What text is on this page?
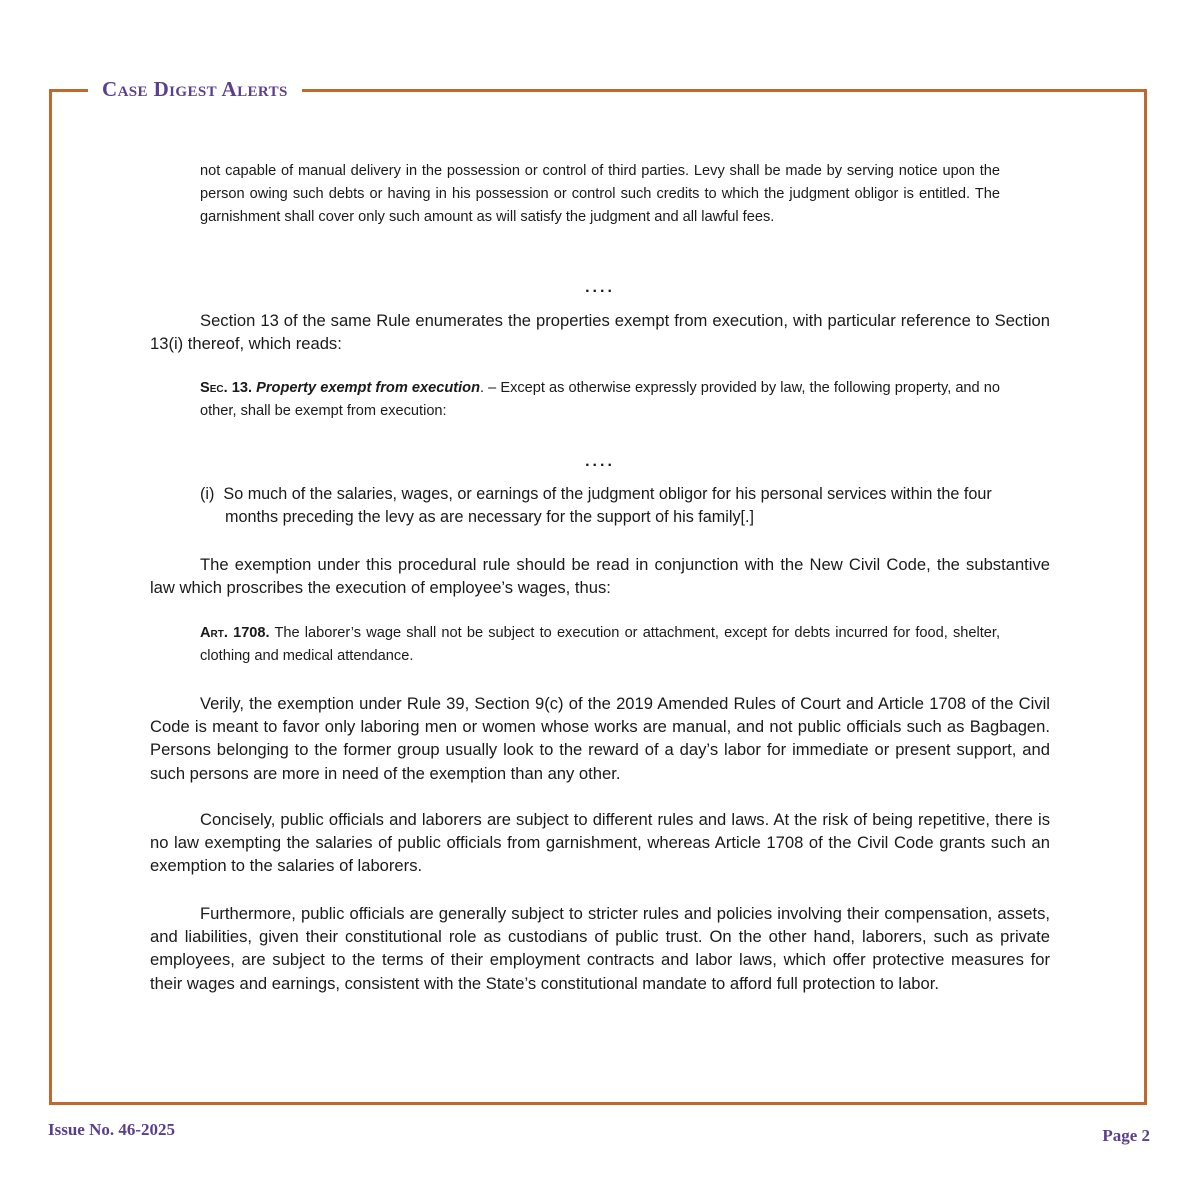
Case Digest Alerts
not capable of manual delivery in the possession or control of third parties. Levy shall be made by serving notice upon the person owing such debts or having in his possession or control such credits to which the judgment obligor is entitled. The garnishment shall cover only such amount as will satisfy the judgment and all lawful fees.
....
Section 13 of the same Rule enumerates the properties exempt from execution, with particular reference to Section 13(i) thereof, which reads:
Sec. 13. Property exempt from execution. – Except as otherwise expressly provided by law, the following property, and no other, shall be exempt from execution:
....
(i) So much of the salaries, wages, or earnings of the judgment obligor for his personal services within the four months preceding the levy as are necessary for the support of his family[.]
The exemption under this procedural rule should be read in conjunction with the New Civil Code, the substantive law which proscribes the execution of employee’s wages, thus:
Art. 1708. The laborer’s wage shall not be subject to execution or attachment, except for debts incurred for food, shelter, clothing and medical attendance.
Verily, the exemption under Rule 39, Section 9(c) of the 2019 Amended Rules of Court and Article 1708 of the Civil Code is meant to favor only laboring men or women whose works are manual, and not public officials such as Bagbagen. Persons belonging to the former group usually look to the reward of a day’s labor for immediate or present support, and such persons are more in need of the exemption than any other.
Concisely, public officials and laborers are subject to different rules and laws. At the risk of being repetitive, there is no law exempting the salaries of public officials from garnishment, whereas Article 1708 of the Civil Code grants such an exemption to the salaries of laborers.
Furthermore, public officials are generally subject to stricter rules and policies involving their compensation, assets, and liabilities, given their constitutional role as custodians of public trust. On the other hand, laborers, such as private employees, are subject to the terms of their employment contracts and labor laws, which offer protective measures for their wages and earnings, consistent with the State’s constitutional mandate to afford full protection to labor.
Issue No. 46-2025	Page 2
